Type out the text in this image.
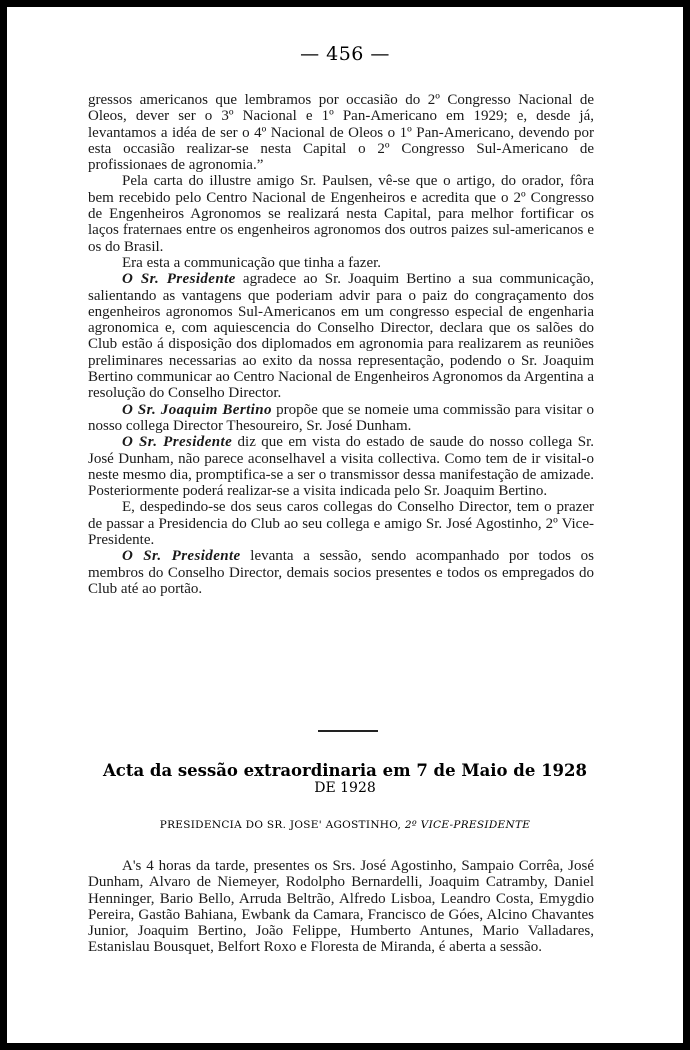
— 456 —

gressos americanos que lembramos por occasião do 2º Congresso Nacional de Oleos, dever ser o 3º Nacional e 1º Pan-Americano em 1929; e, desde já, levantamos a idéa de ser o 4º Nacional de Oleos o 1º Pan-Americano, devendo por esta occasião realizar-se nesta Capital o 2º Congresso Sul-Americano de profissionaes de agronomia.”

Pela carta do illustre amigo Sr. Paulsen, vê-se que o artigo, do orador, fôra bem recebido pelo Centro Nacional de Engenheiros e acredita que o 2º Congresso de Engenheiros Agronomos se realizará nesta Capital, para melhor fortificar os laços fraternaes entre os engenheiros agronomos dos outros paizes sul-americanos e os do Brasil.

Era esta a communicação que tinha a fazer.

O Sr. Presidente agradece ao Sr. Joaquim Bertino a sua communicação, salientando as vantagens que poderiam advir para o paiz do congraçamento dos engenheiros agronomos Sul-Americanos em um congresso especial de engenharia agronomica e, com aquiescencia do Conselho Director, declara que os salões do Club estão á disposição dos diplomados em agronomia para realizarem as reuniões preliminares necessarias ao exito da nossa representação, podendo o Sr. Joaquim Bertino communicar ao Centro Nacional de Engenheiros Agronomos da Argentina a resolução do Conselho Director.

O Sr. Joaquim Bertino propõe que se nomeie uma commissão para visitar o nosso collega Director Thesoureiro, Sr. José Dunham.

O Sr. Presidente diz que em vista do estado de saude do nosso collega Sr. José Dunham, não parece aconselhavel a visita collectiva. Como tem de ir visital-o neste mesmo dia, promptifica-se a ser o transmissor dessa manifestação de amizade. Posteriormente poderá realizar-se a visita indicada pelo Sr. Joaquim Bertino.

E, despedindo-se dos seus caros collegas do Conselho Director, tem o prazer de passar a Presidencia do Club ao seu collega e amigo Sr. José Agostinho, 2º Vice-Presidente.

O Sr. Presidente levanta a sessão, sendo acompanhado por todos os membros do Conselho Director, demais socios presentes e todos os empregados do Club até ao portão.

Acta da sessão extraordinaria em 7 de Maio de 1928
DE 1928
PRESIDENCIA DO SR. JOSE' AGOSTINHO, 2º VICE-PRESIDENTE

A's 4 horas da tarde, presentes os Srs. José Agostinho, Sampaio Corrêa, José Dunham, Alvaro de Niemeyer, Rodolpho Bernardelli, Joaquim Catramby, Daniel Henninger, Bario Bello, Arruda Beltrão, Alfredo Lisboa, Leandro Costa, Emygdio Pereira, Gastão Bahiana, Ewbank da Camara, Francisco de Góes, Alcino Chavantes Junior, Joaquim Bertino, João Felippe, Humberto Antunes, Mario Valladares, Estanislau Bousquet, Belfort Roxo e Floresta de Miranda, é aberta a sessão.
